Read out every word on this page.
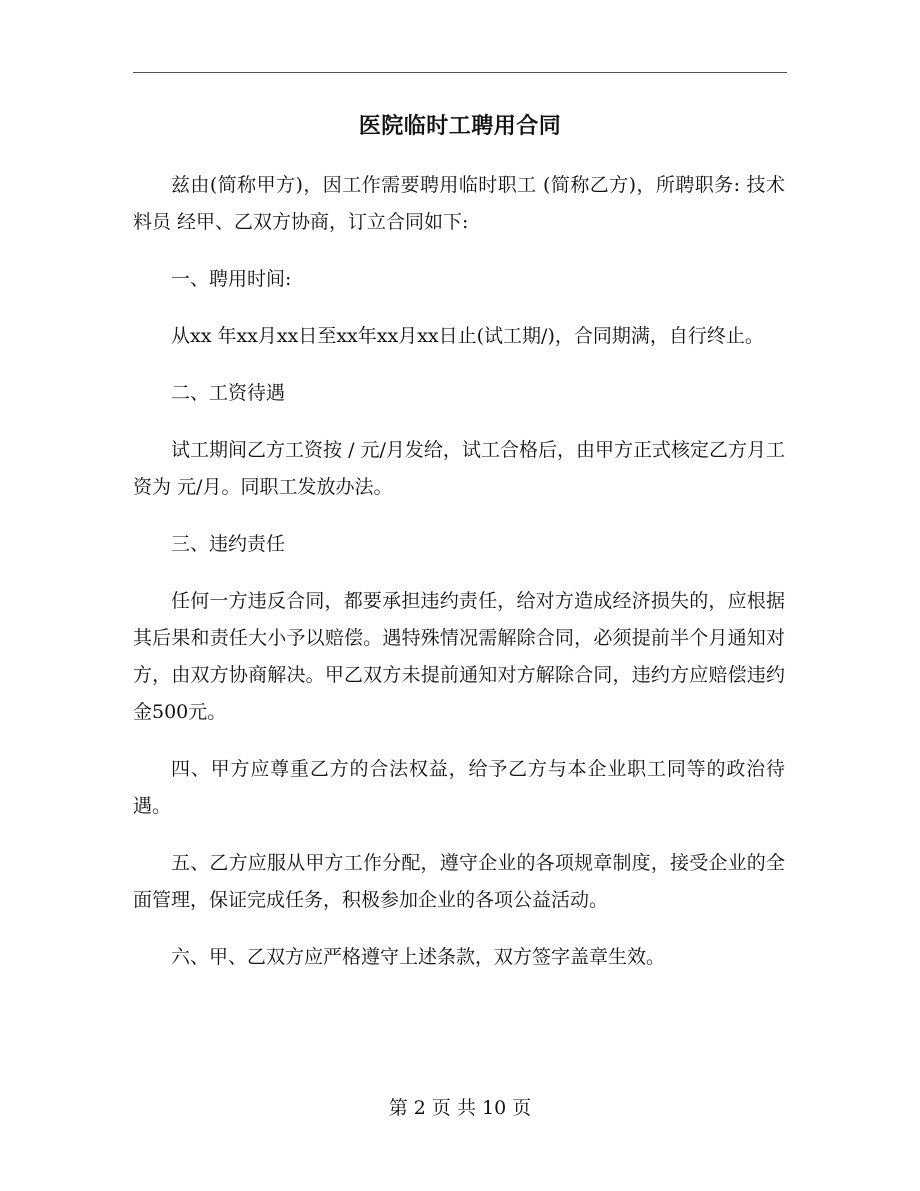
医院临时工聘用合同

兹由(简称甲方)，因工作需要聘用临时职工 (简称乙方)，所聘职务: 技术料员 经甲、乙双方协商，订立合同如下:

一、聘用时间:

从xx 年xx月xx日至xx年xx月xx日止(试工期/)，合同期满，自行终止。

二、工资待遇

试工期间乙方工资按 / 元/月发给，试工合格后，由甲方正式核定乙方月工资为 元/月。同职工发放办法。

三、违约责任

任何一方违反合同，都要承担违约责任，给对方造成经济损失的，应根据其后果和责任大小予以赔偿。遇特殊情况需解除合同，必须提前半个月通知对方，由双方协商解决。甲乙双方未提前通知对方解除合同，违约方应赔偿违约金500元。

四、甲方应尊重乙方的合法权益，给予乙方与本企业职工同等的政治待遇。

五、乙方应服从甲方工作分配，遵守企业的各项规章制度，接受企业的全面管理，保证完成任务，积极参加企业的各项公益活动。

六、甲、乙双方应严格遵守上述条款，双方签字盖章生效。

第 2 页 共 10 页
